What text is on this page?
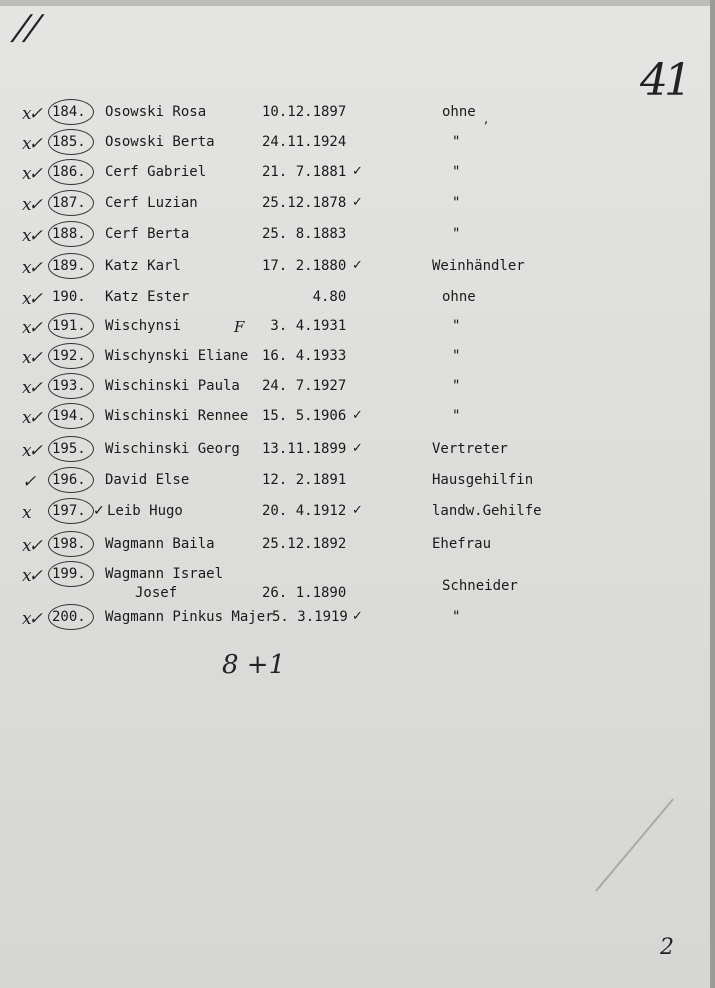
//
41
,
x✓ 184. Osowski Rosa	10.12.1897	ohne
x✓ 185. Osowski Berta	24.11.1924	"
x✓ 186. Cerf Gabriel	21. 7.1881 ✓	"
x✓ 187. Cerf Luzian	25.12.1878 ✓	"
x✓ 188. Cerf Berta	25. 8.1883	"
x✓ 189. Katz Karl	17. 2.1880 ✓	Weinhändler
x✓ 190. Katz Ester	4.80	ohne
x✓ 191. Wischynsi	F 3. 4.1931	"
x✓ 192. Wischynski Eliane 16. 4.1933	"
x✓ 193. Wischinski Paula 24. 7.1927	"
x✓ 194. Wischinski Rennee 15. 5.1906 ✓	"
x✓ 195. Wischinski Georg 13.11.1899 ✓	Vertreter
✓ 196. David Else	12. 2.1891	Hausgehilfin
x 197. ✓ Leib Hugo	20. 4.1912 ✓	landw.Gehilfe
x✓ 198. Wagmann Baila	25.12.1892	Ehefrau
x✓ 199. Wagmann Israel
Josef	26. 1.1890	Schneider
x✓ 200. Wagmann Pinkus Majer
5. 3.1919 ✓	"
8 +1
2
